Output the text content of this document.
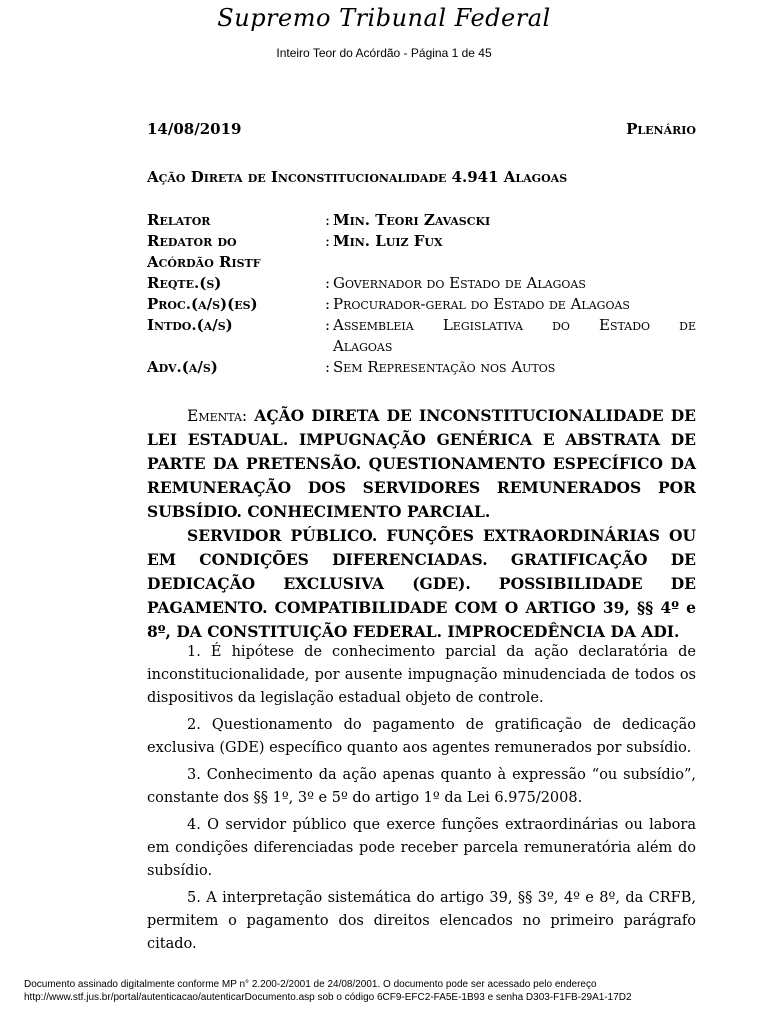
Supremo Tribunal Federal
Inteiro Teor do Acórdão - Página 1 de 45
14/08/2019	Plenário
Ação Direta de Inconstitucionalidade 4.941 Alagoas
Relator	: Min. Teori Zavascki
Redator do	: Min. Luiz Fux
Acórdão Ristf
Reqte.(s)	: Governador do Estado de Alagoas
Proc.(a/s)(es)	: Procurador-geral do Estado de Alagoas
Intdo.(a/s)	: Assembleia Legislativa do Estado de
Alagoas
Adv.(a/s)	: Sem Representação nos Autos

Ementa: AÇÃO DIRETA DE INCONSTITUCIONALIDADE DE LEI ESTADUAL. IMPUGNAÇÃO GENÉRICA E ABSTRATA DE PARTE DA PRETENSÃO. QUESTIONAMENTO ESPECÍFICO DA REMUNERAÇÃO DOS SERVIDORES REMUNERADOS POR SUBSÍDIO. CONHECIMENTO PARCIAL.

SERVIDOR PÚBLICO. FUNÇÕES EXTRAORDINÁRIAS OU EM CONDIÇÕES DIFERENCIADAS. GRATIFICAÇÃO DE DEDICAÇÃO EXCLUSIVA (GDE). POSSIBILIDADE DE PAGAMENTO. COMPATIBILIDADE COM O ARTIGO 39, §§ 4º e 8º, DA CONSTITUIÇÃO FEDERAL. IMPROCEDÊNCIA DA ADI.

1. É hipótese de conhecimento parcial da ação declaratória de inconstitucionalidade, por ausente impugnação minudenciada de todos os dispositivos da legislação estadual objeto de controle.

2. Questionamento do pagamento de gratificação de dedicação exclusiva (GDE) específico quanto aos agentes remunerados por subsídio.

3. Conhecimento da ação apenas quanto à expressão “ou subsídio”, constante dos §§ 1º, 3º e 5º do artigo 1º da Lei 6.975/2008.

4. O servidor público que exerce funções extraordinárias ou labora em condições diferenciadas pode receber parcela remuneratória além do subsídio.

5. A interpretação sistemática do artigo 39, §§ 3º, 4º e 8º, da CRFB, permitem o pagamento dos direitos elencados no primeiro parágrafo citado.

Documento assinado digitalmente conforme MP n° 2.200-2/2001 de 24/08/2001. O documento pode ser acessado pelo endereço
http://www.stf.jus.br/portal/autenticacao/autenticarDocumento.asp sob o código 6CF9-EFC2-FA5E-1B93 e senha D303-F1FB-29A1-17D2
